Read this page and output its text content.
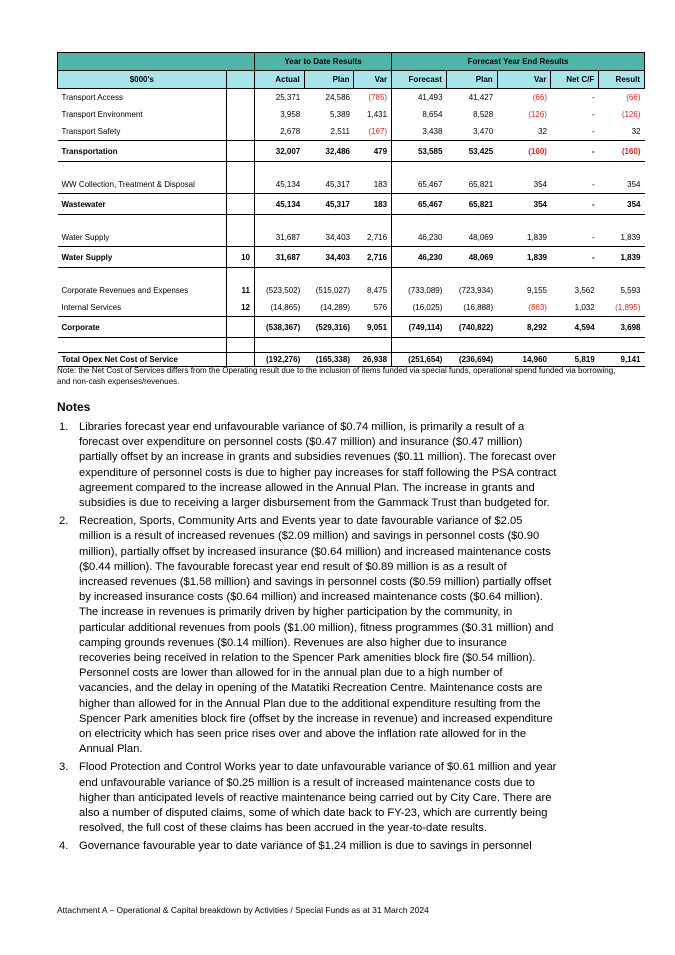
		Year to Date Results			Forecast Year End Results				
$000's		Actual	Plan	Var	Forecast	Plan	Var	Net C/F	Result
Transport Access		25,371	24,586	(785)	41,493	41,427	(66)	-	(66)
Transport Environment		3,958	5,389	1,431	8,654	8,528	(126)	-	(126)
Transport Safety		2,678	2,511	(167)	3,438	3,470	32	-	32
Transportation		32,007	32,486	479	53,585	53,425	(160)	-	(160)

WW Collection, Treatment & Disposal		45,134	45,317	183	65,467	65,821	354	-	354
Wastewater		45,134	45,317	183	65,467	65,821	354	-	354

Water Supply		31,687	34,403	2,716	46,230	48,069	1,839	-	1,839
Water Supply	10	31,687	34,403	2,716	46,230	48,069	1,839	-	1,839

Corporate Revenues and Expenses	11	(523,502)	(515,027)	8,475	(733,089)	(723,934)	9,155	3,562	5,593
Internal Services	12	(14,865)	(14,289)	576	(16,025)	(16,888)	(863)	1,032	(1,895)
Corporate		(538,367)	(529,316)	9,051	(749,114)	(740,822)	8,292	4,594	3,698

Total Opex Net Cost of Service		(192,276)	(165,338)	26,938	(251,654)	(236,694)	14,960	5,819	9,141
Note: the Net Cost of Services differs from the Operating result due to the inclusion of items funded via special funds, operational spend funded via borrowing, and non-cash expenses/revenues.
Notes
1. Libraries forecast year end unfavourable variance of $0.74 million, is primarily a result of a forecast over expenditure on personnel costs ($0.47 million) and insurance ($0.47 million) partially offset by an increase in grants and subsidies revenues ($0.11 million). The forecast over expenditure of personnel costs is due to higher pay increases for staff following the PSA contract agreement compared to the increase allowed in the Annual Plan. The increase in grants and subsidies is due to receiving a larger disbursement from the Gammack Trust than budgeted for.
2. Recreation, Sports, Community Arts and Events year to date favourable variance of $2.05 million is a result of increased revenues ($2.09 million) and savings in personnel costs ($0.90 million), partially offset by increased insurance ($0.64 million) and increased maintenance costs ($0.44 million). The favourable forecast year end result of $0.89 million is as a result of increased revenues ($1.58 million) and savings in personnel costs ($0.59 million) partially offset by increased insurance costs ($0.64 million) and increased maintenance costs ($0.64 million). The increase in revenues is primarily driven by higher participation by the community, in particular additional revenues from pools ($1.00 million), fitness programmes ($0.31 million) and camping grounds revenues ($0.14 million). Revenues are also higher due to insurance recoveries being received in relation to the Spencer Park amenities block fire ($0.54 million). Personnel costs are lower than allowed for in the annual plan due to a high number of vacancies, and the delay in opening of the Matatiki Recreation Centre. Maintenance costs are higher than allowed for in the Annual Plan due to the additional expenditure resulting from the Spencer Park amenities block fire (offset by the increase in revenue) and increased expenditure on electricity which has seen price rises over and above the inflation rate allowed for in the Annual Plan.
3. Flood Protection and Control Works year to date unfavourable variance of $0.61 million and year end unfavourable variance of $0.25 million is a result of increased maintenance costs due to higher than anticipated levels of reactive maintenance being carried out by City Care. There are also a number of disputed claims, some of which date back to FY-23, which are currently being resolved, the full cost of these claims has been accrued in the year-to-date results.
4. Governance favourable year to date variance of $1.24 million is due to savings in personnel
Attachment A – Operational & Capital breakdown by Activities / Special Funds as at 31 March 2024
